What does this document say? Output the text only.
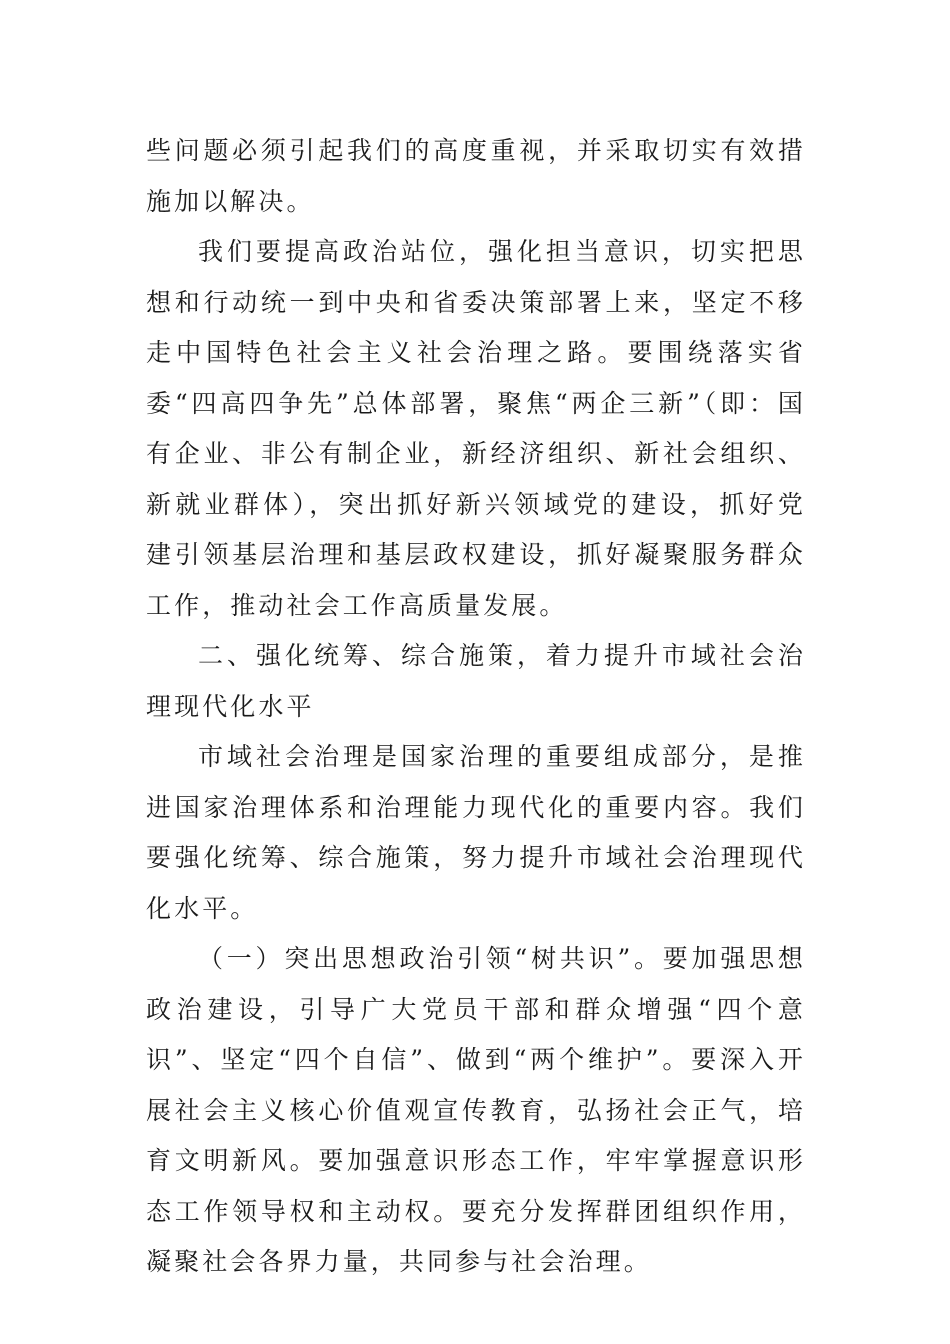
些问题必须引起我们的高度重视，并采取切实有效措施加以解决。

我们要提高政治站位，强化担当意识，切实把思想和行动统一到中央和省委决策部署上来，坚定不移走中国特色社会主义社会治理之路。要围绕落实省委“四高四争先”总体部署，聚焦“两企三新”（即：国有企业、非公有制企业，新经济组织、新社会组织、新就业群体），突出抓好新兴领域党的建设，抓好党建引领基层治理和基层政权建设，抓好凝聚服务群众工作，推动社会工作高质量发展。

二、强化统筹、综合施策，着力提升市域社会治理现代化水平

市域社会治理是国家治理的重要组成部分，是推进国家治理体系和治理能力现代化的重要内容。我们要强化统筹、综合施策，努力提升市域社会治理现代化水平。

（一）突出思想政治引领“树共识”。要加强思想政治建设，引导广大党员干部和群众增强“四个意识”、坚定“四个自信”、做到“两个维护”。要深入开展社会主义核心价值观宣传教育，弘扬社会正气，培育文明新风。要加强意识形态工作，牢牢掌握意识形态工作领导权和主动权。要充分发挥群团组织作用，凝聚社会各界力量，共同参与社会治理。
